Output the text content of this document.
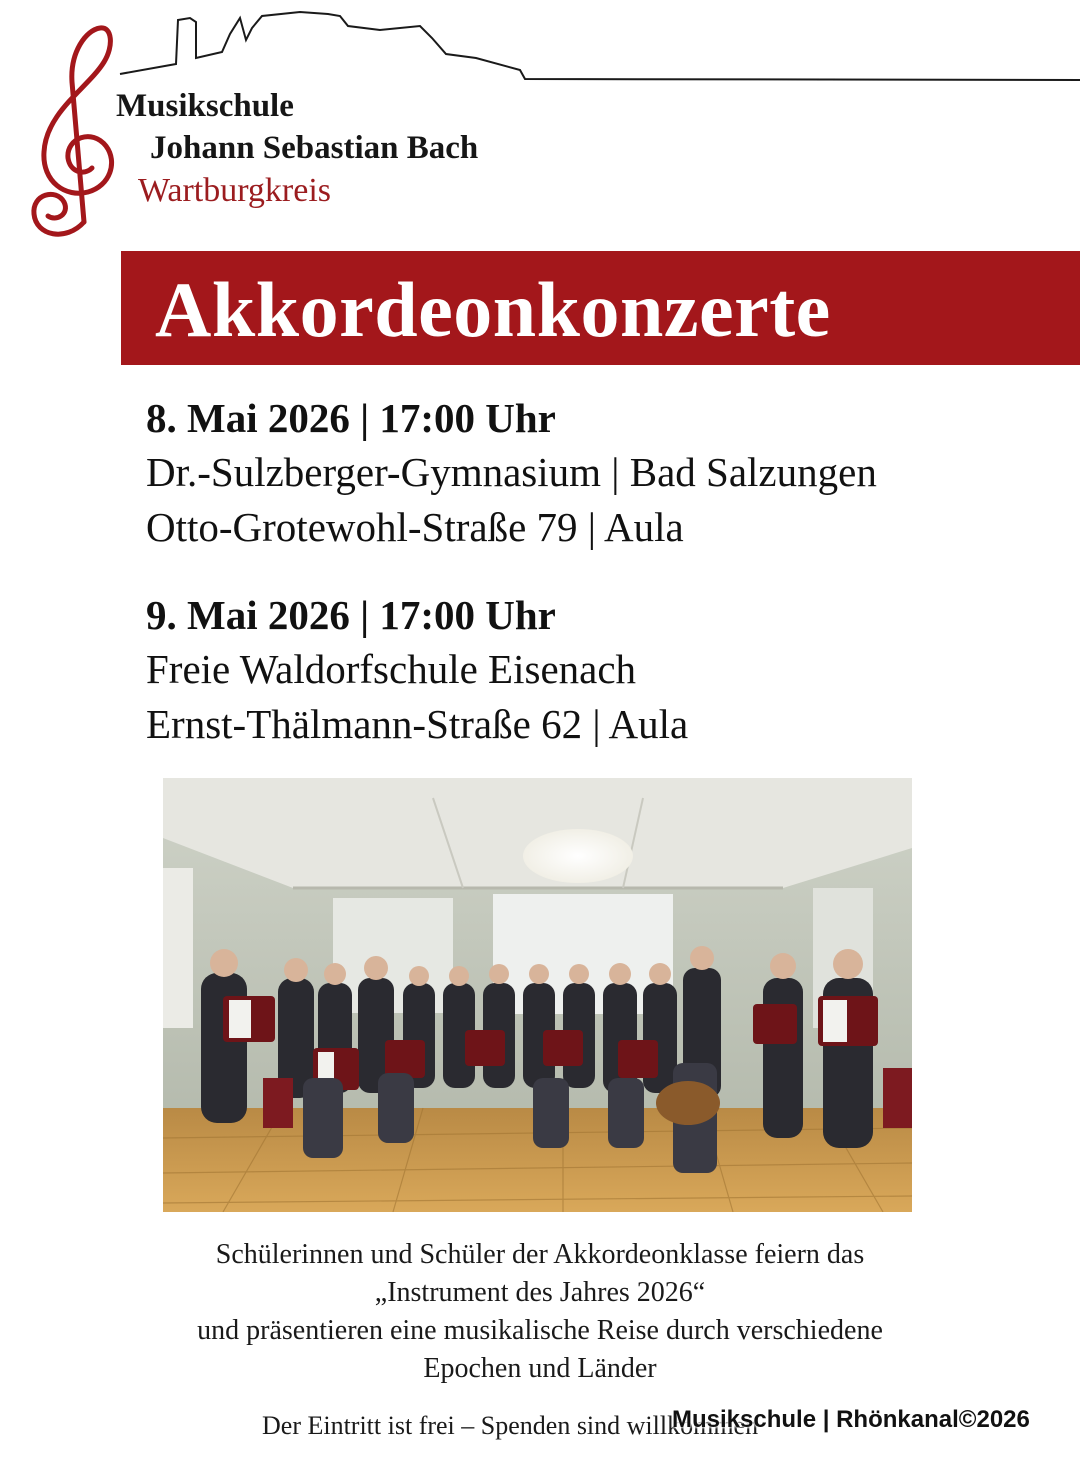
Musikschule
Johann Sebastian Bach
Wartburgkreis
Akkordeonkonzerte
8. Mai 2026 | 17:00 Uhr
Dr.-Sulzberger-Gymnasium | Bad Salzungen
Otto-Grotewohl-Straße 79 | Aula
9. Mai 2026 | 17:00 Uhr
Freie Waldorfschule Eisenach
Ernst-Thälmann-Straße 62 | Aula
Schülerinnen und Schüler der Akkordeonklasse feiern das
„Instrument des Jahres 2026“
und präsentieren eine musikalische Reise durch verschiedene
Epochen und Länder
Der Eintritt ist frei – Spenden sind willkommen
Musikschule | Rhönkanal©2026
